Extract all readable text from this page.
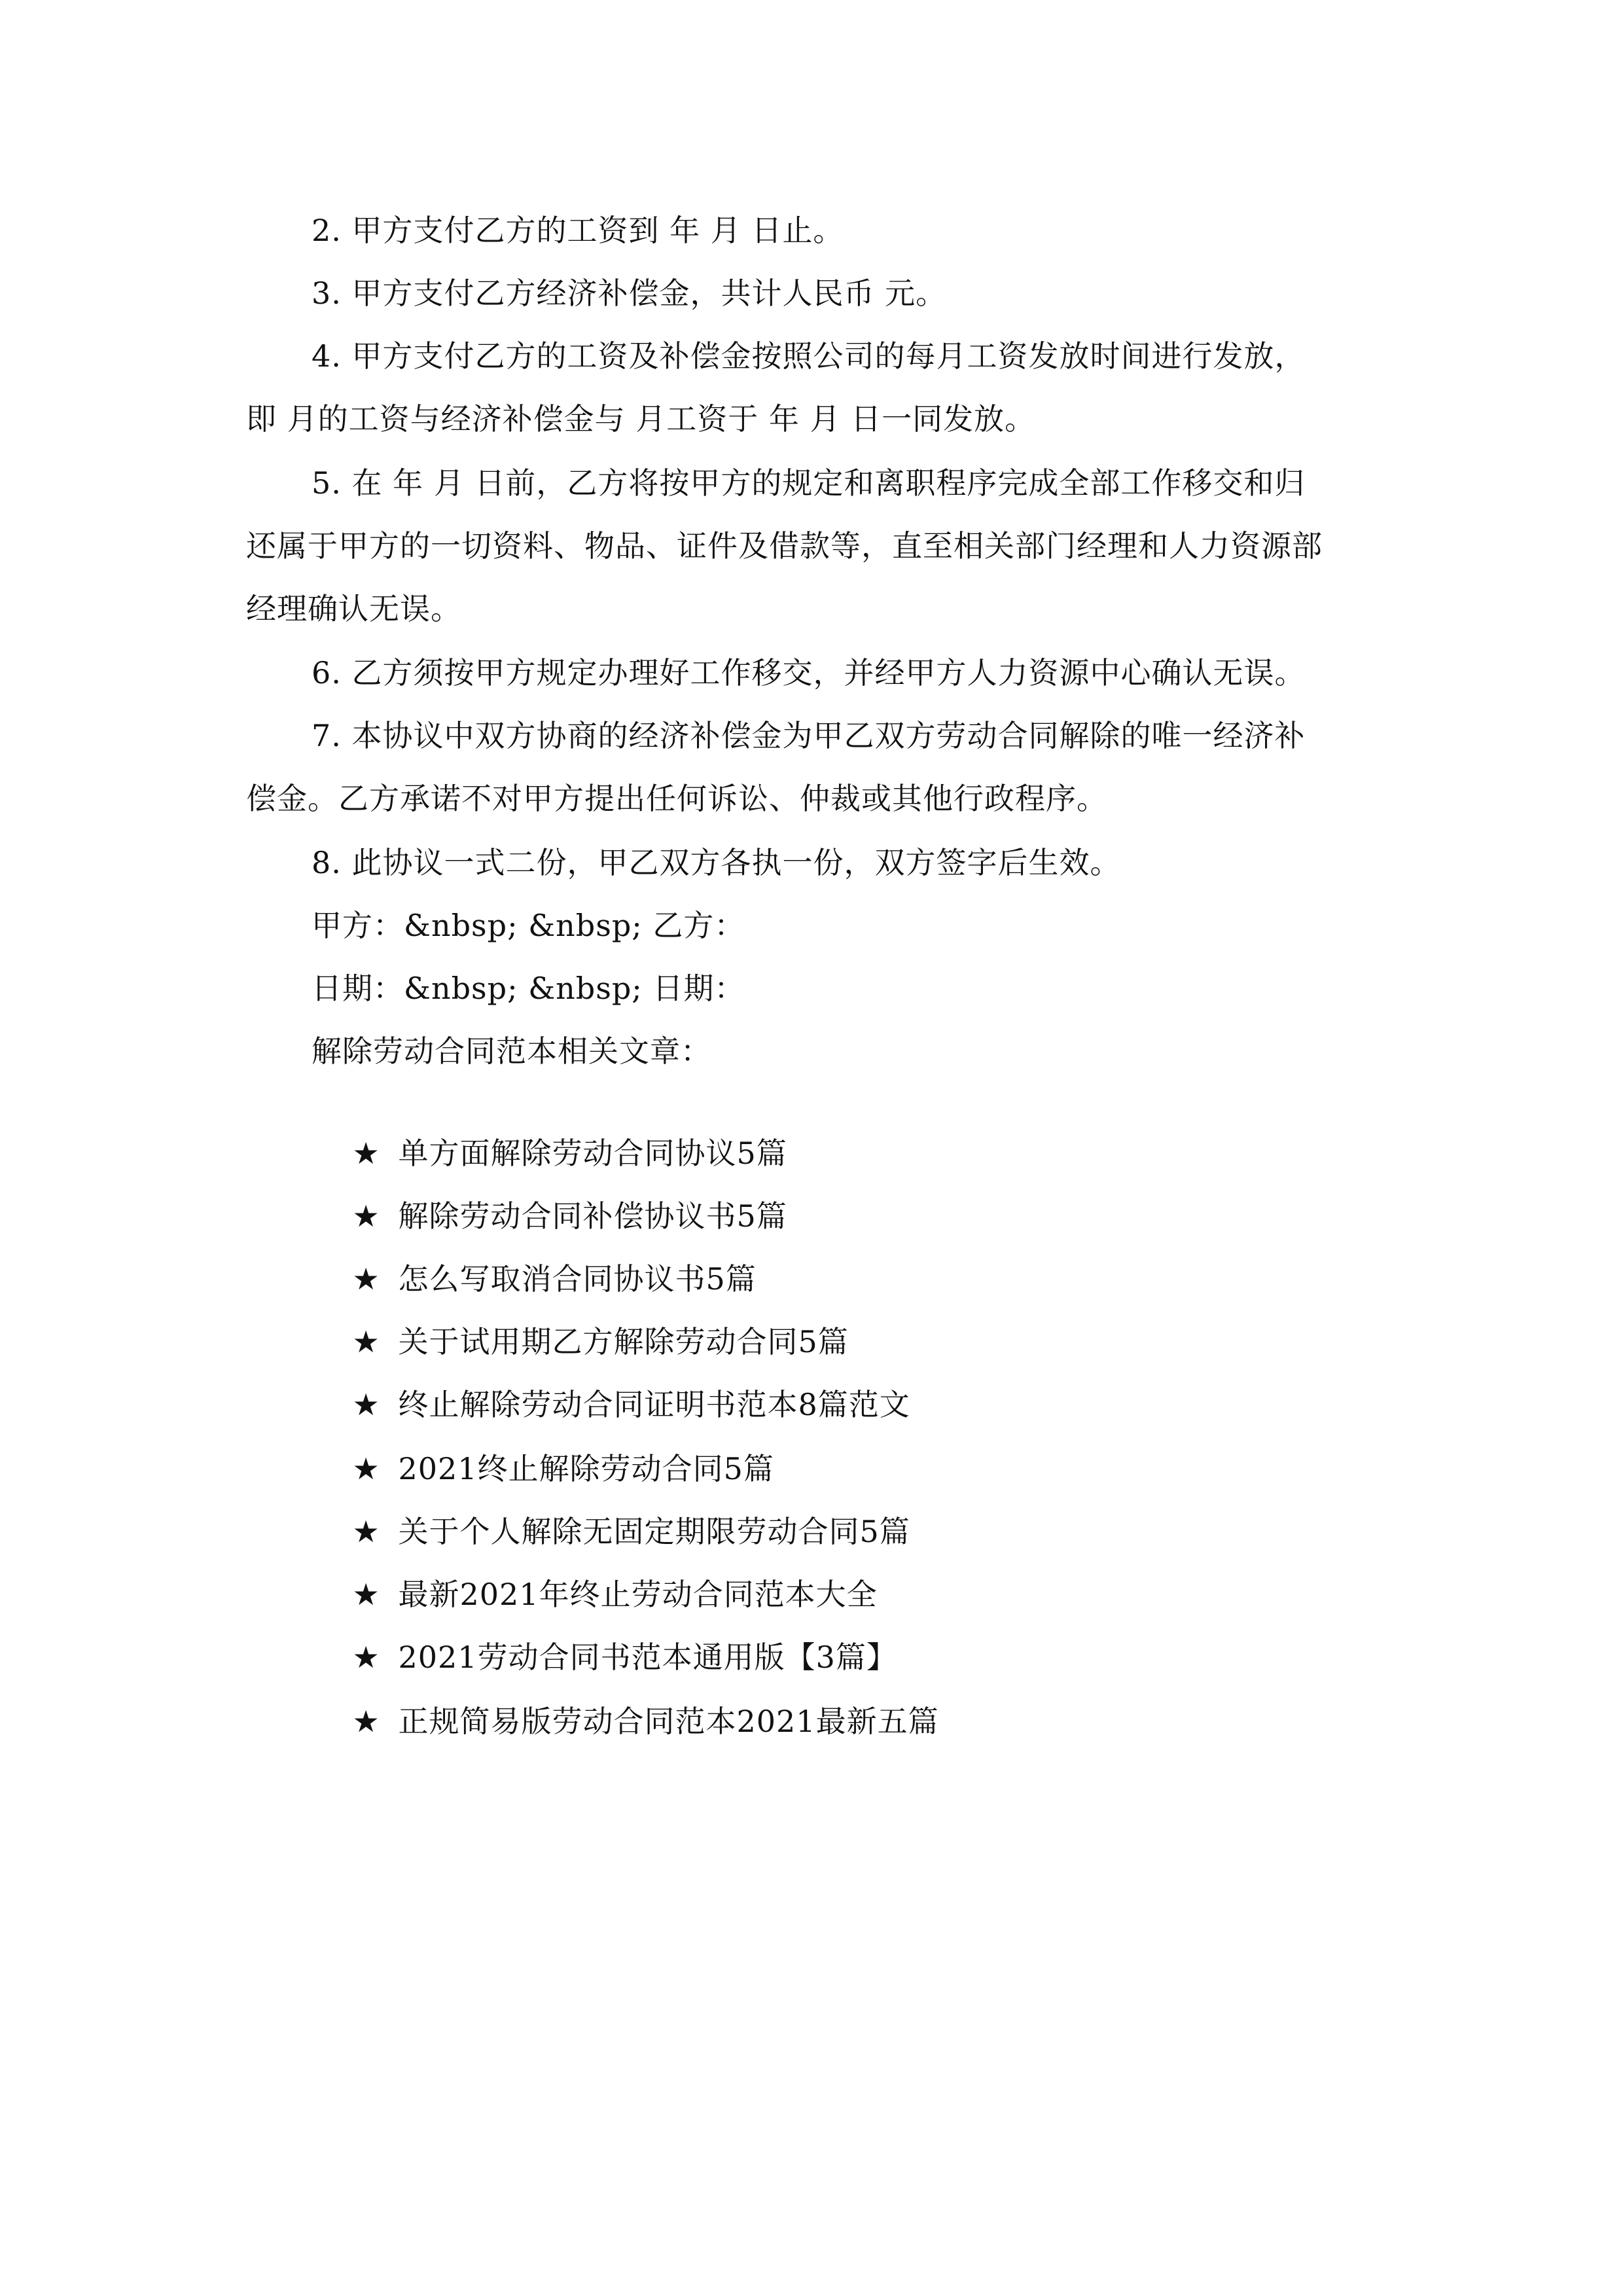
2. 甲方支付乙方的工资到 年 月 日止。
3. 甲方支付乙方经济补偿金，共计人民币 元。
4. 甲方支付乙方的工资及补偿金按照公司的每月工资发放时间进行发放，
即 月的工资与经济补偿金与 月工资于 年 月 日一同发放。
5. 在 年 月 日前，乙方将按甲方的规定和离职程序完成全部工作移交和归
还属于甲方的一切资料、物品、证件及借款等，直至相关部门经理和人力资源部
经理确认无误。
6. 乙方须按甲方规定办理好工作移交，并经甲方人力资源中心确认无误。
7. 本协议中双方协商的经济补偿金为甲乙双方劳动合同解除的唯一经济补
偿金。乙方承诺不对甲方提出任何诉讼、仲裁或其他行政程序。
8. 此协议一式二份，甲乙双方各执一份，双方签字后生效。
甲方：&nbsp; &nbsp; 乙方：
日期：&nbsp; &nbsp; 日期：
解除劳动合同范本相关文章：

★ 单方面解除劳动合同协议5篇

★ 解除劳动合同补偿协议书5篇

★ 怎么写取消合同协议书5篇

★ 关于试用期乙方解除劳动合同5篇

★ 终止解除劳动合同证明书范本8篇范文

★ 2021终止解除劳动合同5篇

★ 关于个人解除无固定期限劳动合同5篇

★ 最新2021年终止劳动合同范本大全

★ 2021劳动合同书范本通用版【3篇】

★ 正规简易版劳动合同范本2021最新五篇
